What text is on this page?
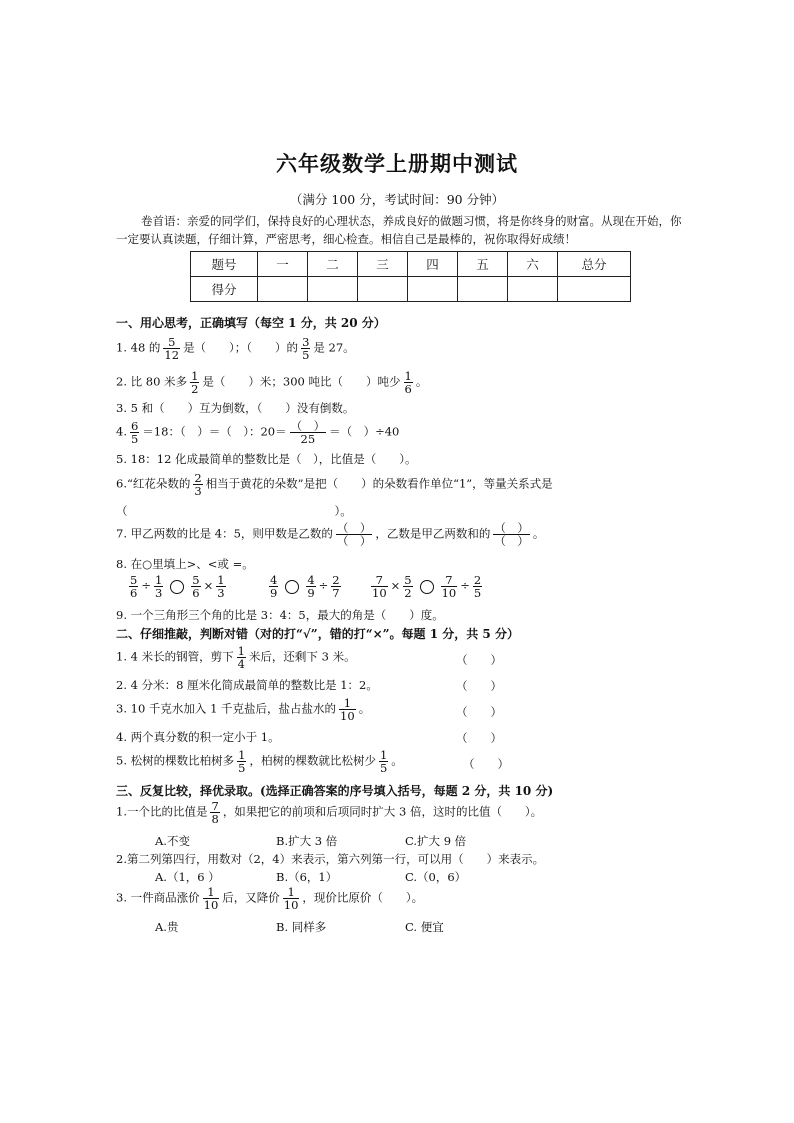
六年级数学上册期中测试
（满分 100 分，考试时间：90 分钟）
卷首语：亲爱的同学们，保持良好的心理状态，养成良好的做题习惯，将是你终身的财富。从现在开始，你一定要认真读题，仔细计算，严密思考，细心检查。相信自己是最棒的，祝你取得好成绩！
题号	一	二	三	四	五	六	总分
得分							
一、用心思考，正确填写（每空 1 分，共 20 分）
1. 48 的 $\frac{5}{12}$ 是（　　）；（　　）的 $\frac{3}{5}$ 是 27。
2. 比 80 米多 $\frac{1}{2}$ 是（　　）米；300 吨比（　　）吨少 $\frac{1}{6}$ 。
3. 5 和（　　）互为倒数，（　　）没有倒数。
4. $\frac{6}{5} =18$：（　）＝（　）：20＝ （　）
25
＝（　）÷40
5. 18：12 化成最简单的整数比是（　），比值是（　　）。
6.“红花朵数的 $\frac{2}{3}$ 相当于黄花的朵数”是把（　　）的朵数看作单位“1”，等量关系式是
（　　　　　　　　　　　　　　　　　　）。
7. 甲乙两数的比是 4：5，则甲数是乙数的 （　）
（　）
，乙数是甲乙两数和的 （　）
（　）
。
8. 在○里填上>、<或 =。
$\frac{5}{6} \div \frac{1}{3} \frac{5}{6} \times \frac{1}{3}$	$\frac{4}{9} \frac{4}{9} \div \frac{2}{7}$	$\frac{7}{10} \times \frac{5}{2} \frac{7}{10} \div \frac{2}{5}$
9. 一个三角形三个角的比是 3：4：5，最大的角是（　　）度。
二、仔细推敲，判断对错（对的打“√”，错的打“×”。每题 1 分，共 5 分）
1. 4 米长的钢管，剪下 $\frac{1}{4}$ 米后，还剩下 3 米。	（　　）
2. 4 分米：8 厘米化简成最简单的整数比是 1：2。	（　　）
3. 10 千克水加入 1 千克盐后，盐占盐水的 $\frac{1}{10}$ 。	（　　）
4. 两个真分数的积一定小于 1。	（　　）
5. 松树的棵数比柏树多 $\frac{1}{5}$ ，柏树的棵数就比松树少 $\frac{1}{5}$ 。	（　　）
三、反复比较，择优录取。(选择正确答案的序号填入括号，每题 2 分，共 10 分)
1.一个比的比值是 $\frac{7}{8}$ ，如果把它的前项和后项同时扩大 3 倍，这时的比值（　　）。
A.不变	B.扩大 3 倍	C.扩大 9 倍
2.第二列第四行，用数对（2，4）来表示，第六列第一行，可以用（　　）来表示。
A.（1，6 ）	B.（6，1）	C.（0，6）
3. 一件商品涨价 $\frac{1}{10}$ 后，又降价 $\frac{1}{10}$ ，现价比原价（　　）。
A.贵	B. 同样多	C. 便宜
